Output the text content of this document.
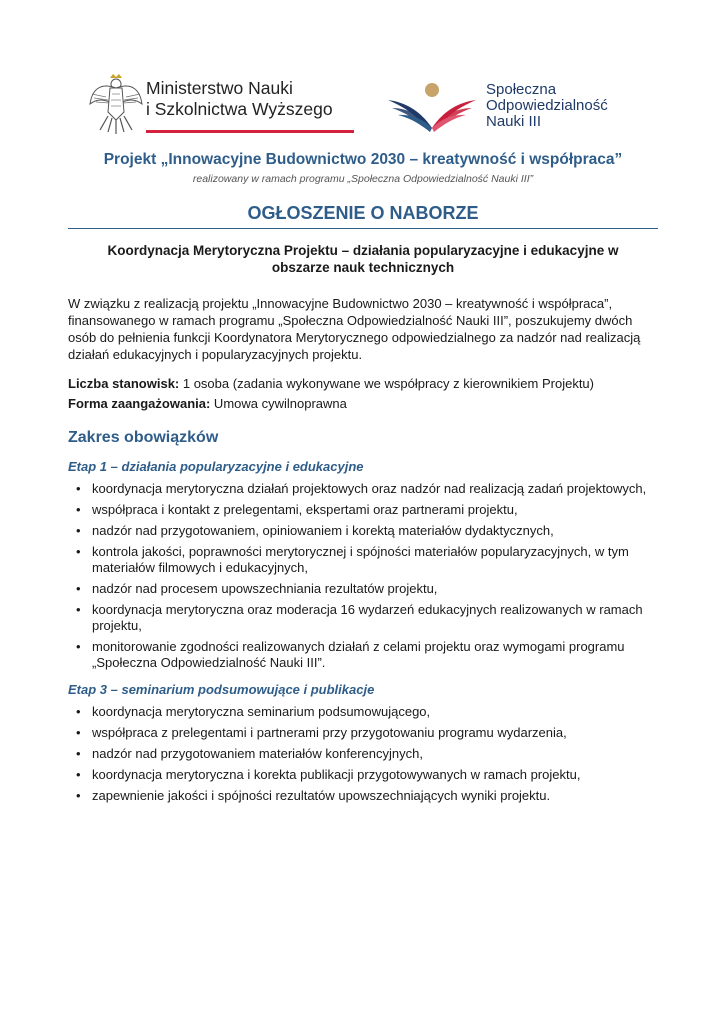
Ministerstwo Nauki
i Szkolnictwa Wyższego
Społeczna
Odpowiedzialność
Nauki III

Projekt „Innowacyjne Budownictwo 2030 – kreatywność i współpraca”

realizowany w ramach programu „Społeczna Odpowiedzialność Nauki III”

OGŁOSZENIE O NABORZE

Koordynacja Merytoryczna Projektu – działania popularyzacyjne i edukacyjne w
obszarze nauk technicznych

W związku z realizacją projektu „Innowacyjne Budownictwo 2030 – kreatywność i współpraca”, finansowanego w ramach programu „Społeczna Odpowiedzialność Nauki III”, poszukujemy dwóch osób do pełnienia funkcji Koordynatora Merytorycznego odpowiedzialnego za nadzór nad realizacją działań edukacyjnych i popularyzacyjnych projektu.

Liczba stanowisk: 1 osoba (zadania wykonywane we współpracy z kierownikiem Projektu)

Forma zaangażowania: Umowa cywilnoprawna

Zakres obowiązków
Etap 1 – działania popularyzacyjne i edukacyjne
• koordynacja merytoryczna działań projektowych oraz nadzór nad realizacją zadań projektowych,
• współpraca i kontakt z prelegentami, ekspertami oraz partnerami projektu,
• nadzór nad przygotowaniem, opiniowaniem i korektą materiałów dydaktycznych,
• kontrola jakości, poprawności merytorycznej i spójności materiałów popularyzacyjnych, w tym materiałów filmowych i edukacyjnych,
• nadzór nad procesem upowszechniania rezultatów projektu,
• koordynacja merytoryczna oraz moderacja 16 wydarzeń edukacyjnych realizowanych w ramach projektu,
• monitorowanie zgodności realizowanych działań z celami projektu oraz wymogami programu „Społeczna Odpowiedzialność Nauki III”.
Etap 3 – seminarium podsumowujące i publikacje
• koordynacja merytoryczna seminarium podsumowującego,
• współpraca z prelegentami i partnerami przy przygotowaniu programu wydarzenia,
• nadzór nad przygotowaniem materiałów konferencyjnych,
• koordynacja merytoryczna i korekta publikacji przygotowywanych w ramach projektu,
• zapewnienie jakości i spójności rezultatów upowszechniających wyniki projektu.
